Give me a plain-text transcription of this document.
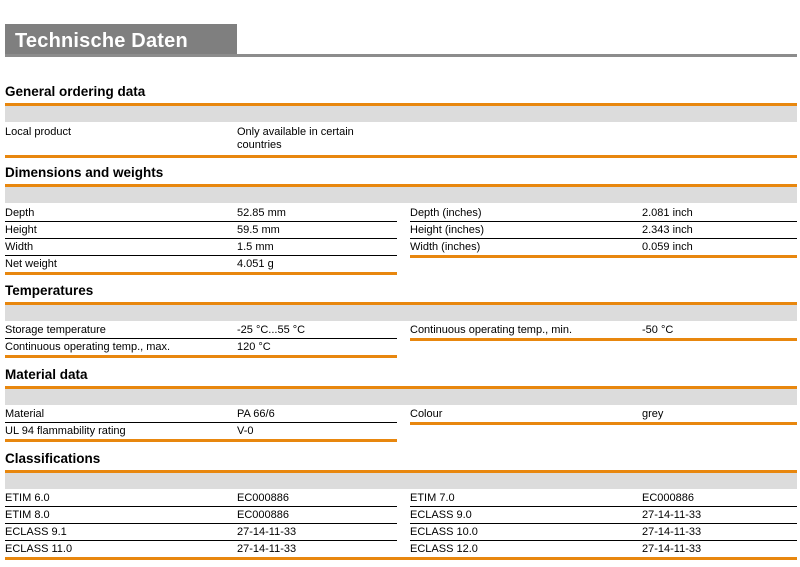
Technische Daten
General ordering data
Local product	Only available in certain
countries
Dimensions and weights
Depth	52.85 mm	Depth (inches)	2.081 inch
Height	59.5 mm	Height (inches)	2.343 inch
Width	1.5 mm	Width (inches)	0.059 inch
Net weight	4.051 g
Temperatures
Storage temperature	-25 °C...55 °C	Continuous operating temp., min.	-50 °C
Continuous operating temp., max.	120 °C
Material data
Material	PA 66/6	Colour	grey
UL 94 flammability rating	V-0
Classifications
ETIM 6.0	EC000886	ETIM 7.0	EC000886
ETIM 8.0	EC000886	ECLASS 9.0	27-14-11-33
ECLASS 9.1	27-14-11-33	ECLASS 10.0	27-14-11-33
ECLASS 11.0	27-14-11-33	ECLASS 12.0	27-14-11-33
